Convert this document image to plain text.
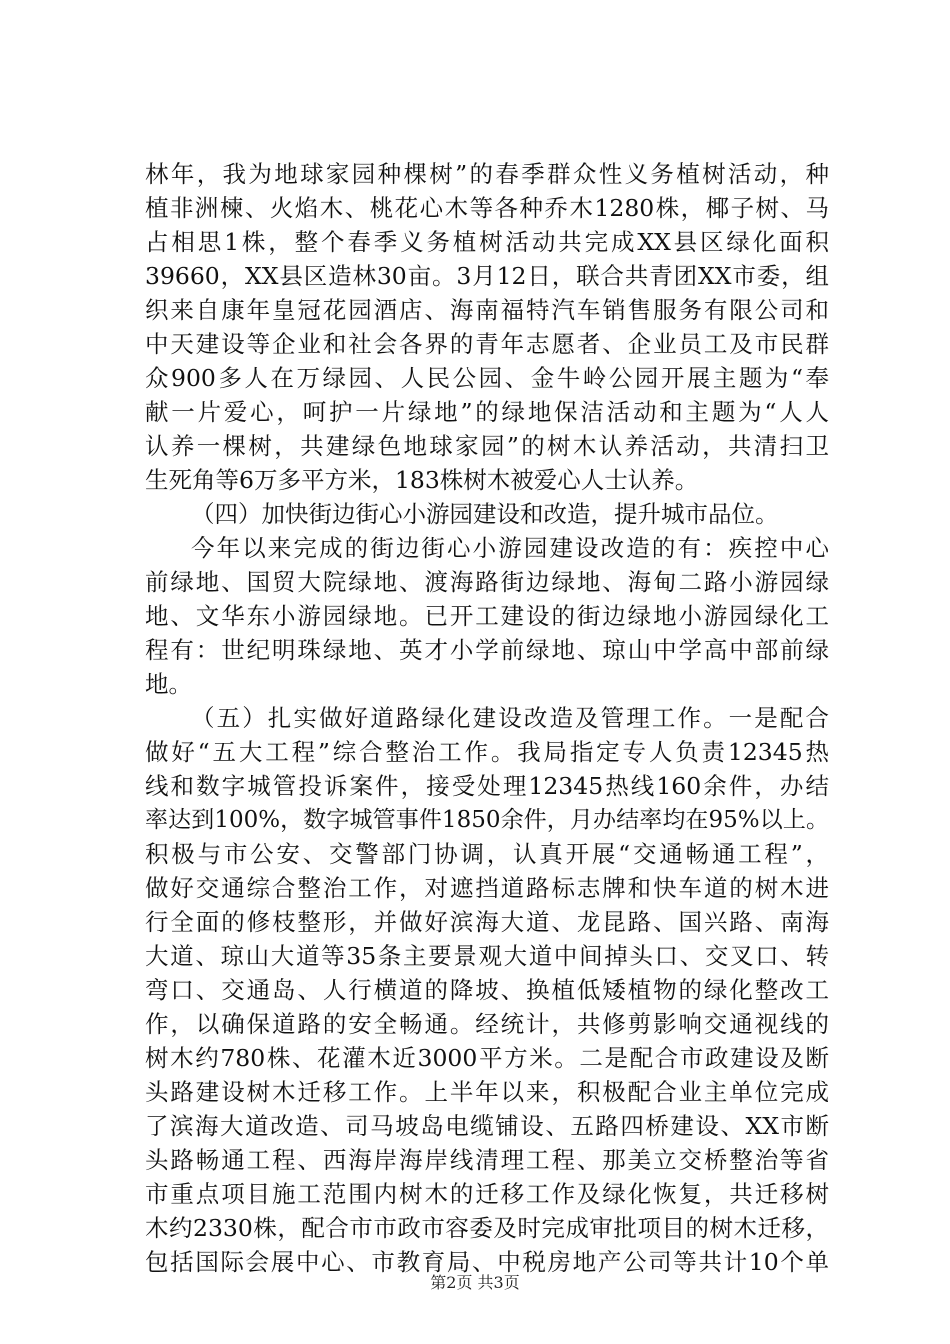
林年，我为地球家园种棵树”的春季群众性义务植树活动，种
植非洲楝、火焰木、桃花心木等各种乔木1280株，椰子树、马
占相思1株，整个春季义务植树活动共完成XX县区绿化面积
39660，XX县区造林30亩。3月12日，联合共青团XX市委，组
织来自康年皇冠花园酒店、海南福特汽车销售服务有限公司和
中天建设等企业和社会各界的青年志愿者、企业员工及市民群
众900多人在万绿园、人民公园、金牛岭公园开展主题为“奉
献一片爱心，呵护一片绿地”的绿地保洁活动和主题为“人人
认养一棵树，共建绿色地球家园”的树木认养活动，共清扫卫
生死角等6万多平方米，183株树木被爱心人士认养。
（四）加快街边街心小游园建设和改造，提升城市品位。
今年以来完成的街边街心小游园建设改造的有：疾控中心
前绿地、国贸大院绿地、渡海路街边绿地、海甸二路小游园绿
地、文华东小游园绿地。已开工建设的街边绿地小游园绿化工
程有：世纪明珠绿地、英才小学前绿地、琼山中学高中部前绿
地。
（五）扎实做好道路绿化建设改造及管理工作。一是配合
做好“五大工程”综合整治工作。我局指定专人负责12345热
线和数字城管投诉案件，接受处理12345热线160余件，办结
率达到100%，数字城管事件1850余件，月办结率均在95%以上。
积极与市公安、交警部门协调，认真开展“交通畅通工程”，
做好交通综合整治工作，对遮挡道路标志牌和快车道的树木进
行全面的修枝整形，并做好滨海大道、龙昆路、国兴路、南海
大道、琼山大道等35条主要景观大道中间掉头口、交叉口、转
弯口、交通岛、人行横道的降坡、换植低矮植物的绿化整改工
作，以确保道路的安全畅通。经统计，共修剪影响交通视线的
树木约780株、花灌木近3000平方米。二是配合市政建设及断
头路建设树木迁移工作。上半年以来，积极配合业主单位完成
了滨海大道改造、司马坡岛电缆铺设、五路四桥建设、XX市断
头路畅通工程、西海岸海岸线清理工程、那美立交桥整治等省
市重点项目施工范围内树木的迁移工作及绿化恢复，共迁移树
木约2330株，配合市市政市容委及时完成审批项目的树木迁移，
包括国际会展中心、市教育局、中税房地产公司等共计10个单
第2页 共3页
